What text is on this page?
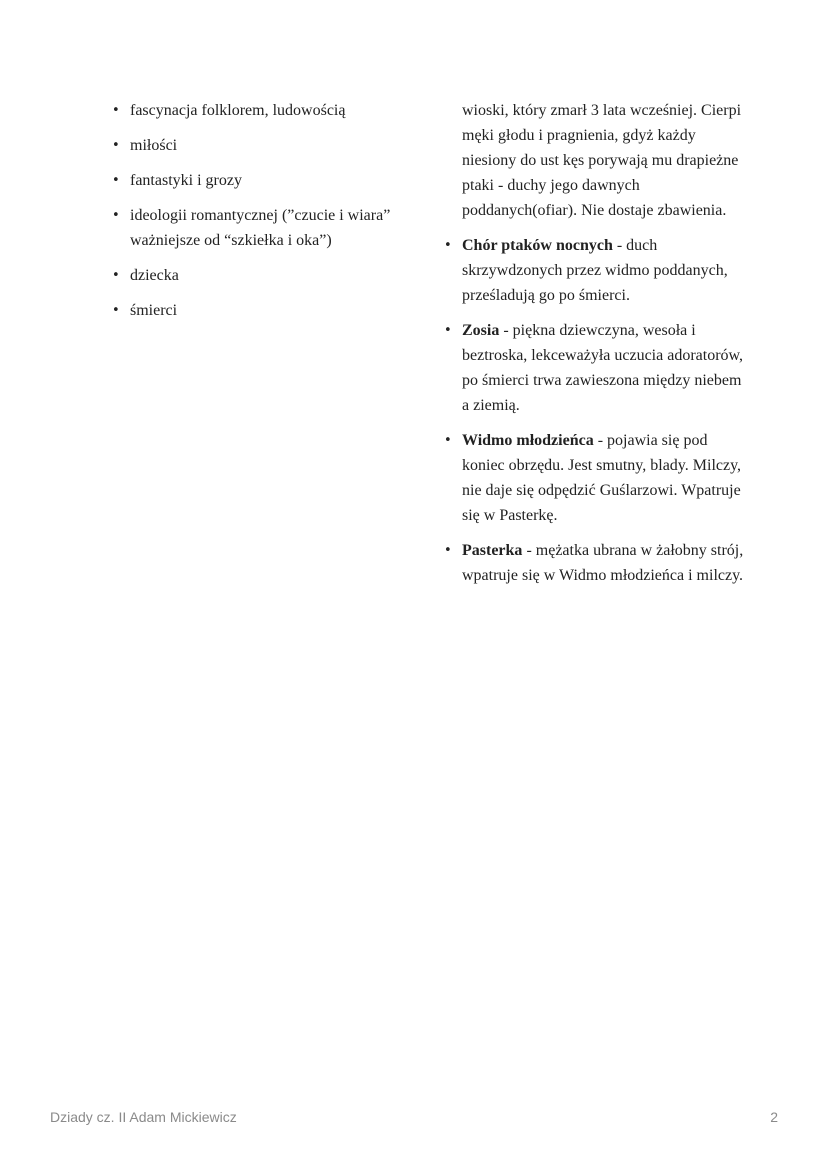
• fascynacja folklorem, ludowością
• miłości
• fantastyki i grozy
• ideologii romantycznej (”czucie i wiara” ważniejsze od “szkiełka i oka”)
• dziecka
• śmierci
wioski, który zmarł 3 lata wcześniej. Cierpi męki głodu i pragnienia, gdyż każdy niesiony do ust kęs porywają mu drapieżne ptaki - duchy jego dawnych poddanych(ofiar). Nie dostaje zbawienia.
• Chór ptaków nocnych - duch skrzywdzonych przez widmo poddanych, prześladują go po śmierci.
• Zosia - piękna dziewczyna, wesoła i beztroska, lekceważyła uczucia adoratorów, po śmierci trwa zawieszona między niebem a ziemią.
• Widmo młodzieńca - pojawia się pod koniec obrzędu. Jest smutny, blady. Milczy, nie daje się odpędzić Guślarzowi. Wpatruje się w Pasterkę.
• Pasterka - mężatka ubrana w żałobny strój, wpatruje się w Widmo młodzieńca i milczy.
Dziady cz. II Adam Mickiewicz	2
